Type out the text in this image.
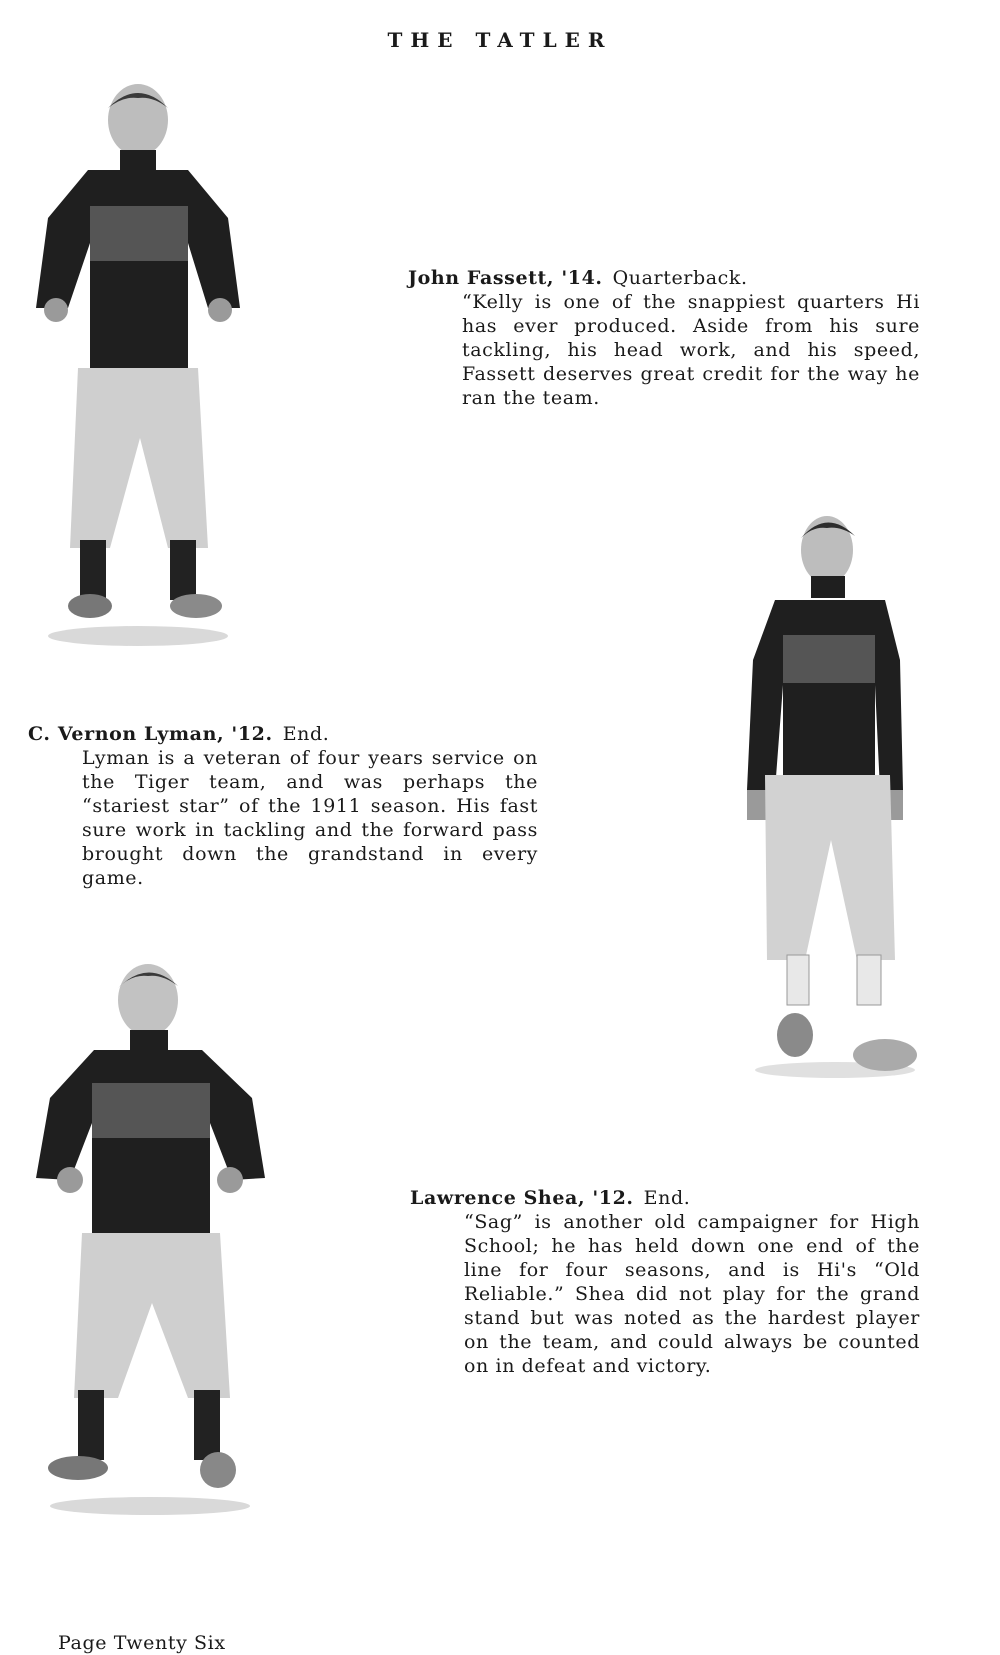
THE TATLER
John Fassett, '14. Quarterback.
“Kelly is one of the snappiest quarters Hi has ever produced. Aside from his sure tackling, his head work, and his speed, Fassett deserves great credit for the way he ran the team.
C. Vernon Lyman, '12. End.
Lyman is a veteran of four years service on the Tiger team, and was perhaps the “stariest star” of the 1911 season. His fast sure work in tackling and the forward pass brought down the grandstand in every game.
Lawrence Shea, '12. End.
“Sag” is another old campaigner for High School; he has held down one end of the line for four seasons, and is Hi's “Old Reliable.” Shea did not play for the grand stand but was noted as the hardest player on the team, and could always be counted on in defeat and victory.
Page Twenty Six
